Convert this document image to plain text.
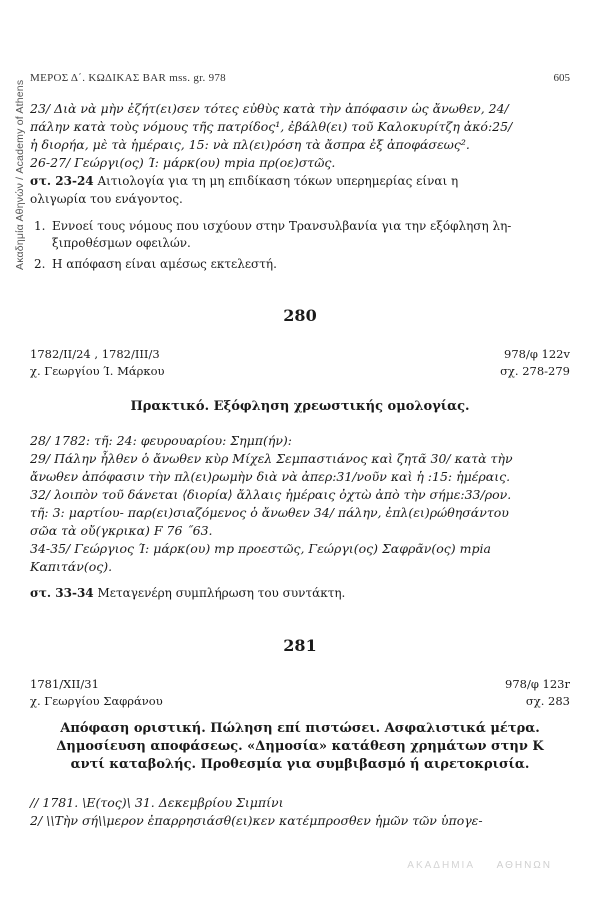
Ακαδημία Αθηνών / Academy of Athens
ΜΕΡΟΣ Δ΄. ΚΩΔΙΚΑΣ BAR mss. gr. 978	605
23/ Διὰ νὰ μὴν ἐζήτ(ει)σεν τότες εὐθὺς κατὰ τὴν ἀπόφασιν ὡς ἄνωθεν, 24/
πάλην κατὰ τοὺς νόμους τῆς πατρίδος¹, ἐβάλθ(ει) τοῦ Καλοκυρίτζη ἀκό:25/
ἡ διορήα, μὲ τὰ ἡμέραις, 15: νὰ πλ(ει)ρόση τὰ ἄσπρα ἐξ ἀποφάσεως².
26-27/ Γεώργι(ος) Ί: μάρκ(ου) mpia πρ(οε)στῶς.
στ. 23-24 Αιτιολογία για τη μη επιδίκαση τόκων υπερημερίας είναι η
ολιγωρία του ενάγοντος.
1. Εννοεί τους νόμους που ισχύουν στην Τρανσυλβανία για την εξόφληση λη-
ξιπροθέσμων οφειλών.
2. Η απόφαση είναι αμέσως εκτελεστή.
280
1782/II/24 , 1782/III/3	978/φ 122v
χ. Γεωργίου Ί. Μάρκου	σχ. 278-279
Πρακτικό. Εξόφληση χρεωστικής ομολογίας.
28/ 1782: τῆ: 24: φευρουαρίου: Σημπ(ήν):
29/ Πάλην ἦλθεν ὁ ἄνωθεν κὺρ Μίχελ Σεμπαστιάνος καὶ ζητᾶ 30/ κατὰ τὴν
ἄνωθεν ἀπόφασιν τὴν πλ(ει)ρωμὴν διὰ νὰ ἀπερ:31/νοῦν καὶ ἡ :15: ἡμέραις.
32/ λοιπὸν τοῦ δάνεται ⟨διορία⟩ ἄλλαις ἡμέραις ὀχτὼ ἀπὸ τὴν σήμε:33/ρον.
τῆ: 3: μαρτίου- παρ(ει)σιαζόμενος ὁ ἄνωθεν 34/ πάλην, ἐπλ(ει)ρώθησάντου
σῶα τὰ οὔ(γκρικα) F 76 ˝63.
34-35/ Γεώργιος Ί: μάρκ(ου) mp προεστῶς, Γεώργι(ος) Σαφρᾶν(ος) mpia
Καπιτάν(ος).
στ. 33-34 Μεταγενέρη συμπλήρωση του συντάκτη.
281
1781/XII/31	978/φ 123r
χ. Γεωργίου Σαφράνου	σχ. 283
Απόφαση οριστική. Πώληση επί πιστώσει. Ασφαλιστικά μέτρα.
Δημοσίευση αποφάσεως. «Δημοσία» κατάθεση χρημάτων στην Κ
αντί καταβολής. Προθεσμία για συμβιβασμό ή αιρετοκρισία.
// 1781. \Ε(τος)\ 31. Δεκεμβρίου Σιμπίνι
2/ \\Τὴν σή\\μερον ἐπαρρησιάσθ(ει)κεν κατέμπροσθεν ἡμῶν τῶν ὑπογε-
ΑΚΑΔΗΜΙΑ ΑΘΗΝΩΝ
